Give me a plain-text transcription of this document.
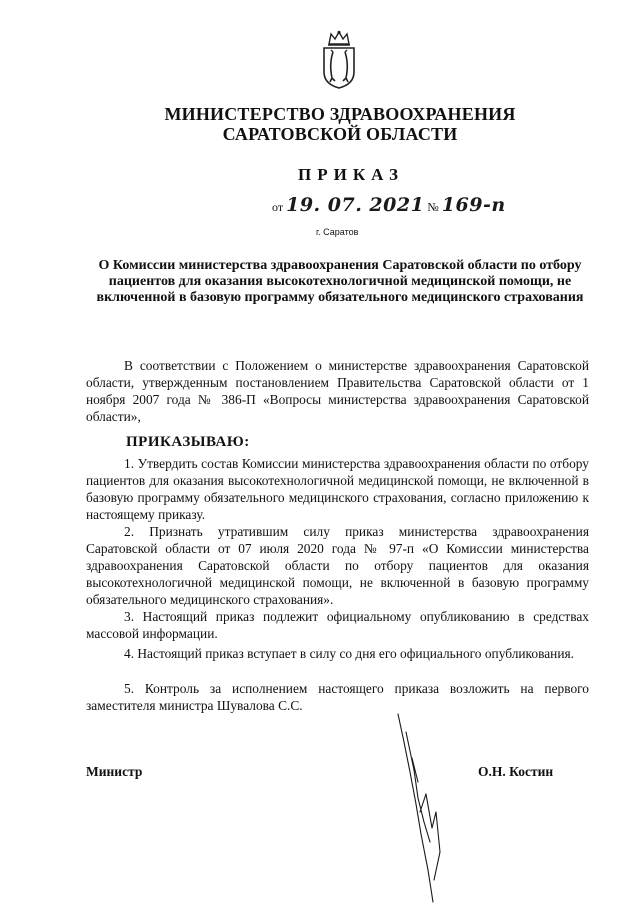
МИНИСТЕРСТВО ЗДРАВООХРАНЕНИЯ
САРАТОВСКОЙ ОБЛАСТИ
ПРИКАЗ
от 19. 07. 2021 № 169-п
г. Саратов
О Комиссии министерства здравоохранения Саратовской области по отбору пациентов для оказания высокотехнологичной медицинской помощи, не включенной в базовую программу обязательного медицинского страхования
В соответствии с Положением о министерстве здравоохранения Саратовской области, утвержденным постановлением Правительства Саратовской области от 1 ноября 2007 года № 386-П «Вопросы министерства здравоохранения Саратовской области»,
ПРИКАЗЫВАЮ:
1. Утвердить состав Комиссии министерства здравоохранения области по отбору пациентов для оказания высокотехнологичной медицинской помощи, не включенной в базовую программу обязательного медицинского страхования, согласно приложению к настоящему приказу.
2. Признать утратившим силу приказ министерства здравоохранения Саратовской области от 07 июля 2020 года № 97-п «О Комиссии министерства здравоохранения Саратовской области по отбору пациентов для оказания высокотехнологичной медицинской помощи, не включенной в базовую программу обязательного медицинского страхования».
3. Настоящий приказ подлежит официальному опубликованию в средствах массовой информации.
4. Настоящий приказ вступает в силу со дня его официального опубликования.
5. Контроль за исполнением настоящего приказа возложить на первого заместителя министра Шувалова С.С.
Министр	О.Н. Костин
